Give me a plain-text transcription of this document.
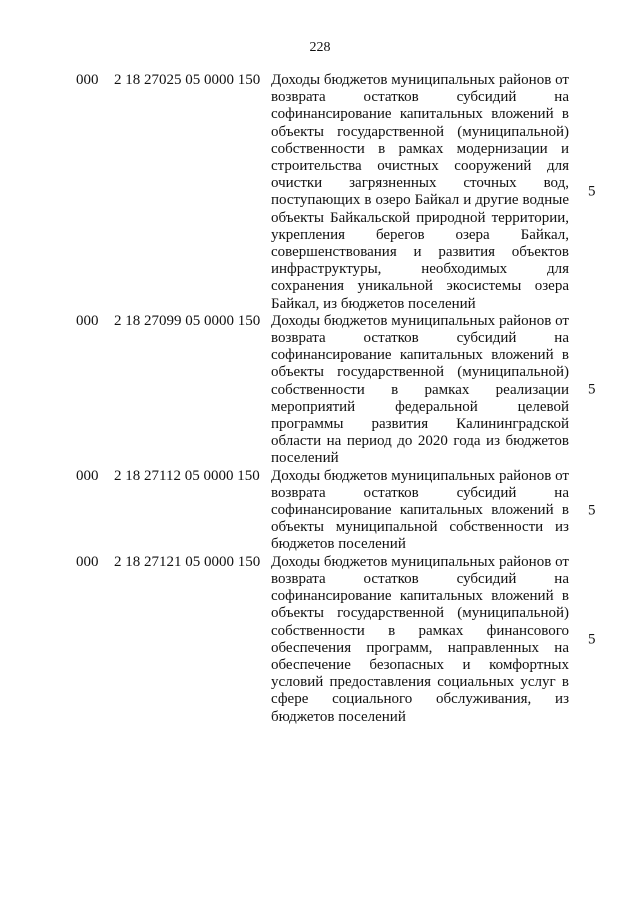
228
000 2 18 27025 05 0000 150 Доходы бюджетов муниципальных районов от возврата остатков субсидий на софинансирование капитальных вложений в объекты государственной (муниципальной) собственности в рамках модернизации и строительства очистных сооружений для очистки загрязненных сточных вод, поступающих в озеро Байкал и другие водные объекты Байкальской природной территории, укрепления берегов озера Байкал, совершенствования и развития объектов инфраструктуры, необходимых для сохранения уникальной экосистемы озера Байкал, из бюджетов поселений
5
000 2 18 27099 05 0000 150 Доходы бюджетов муниципальных районов от возврата остатков субсидий на софинансирование капитальных вложений в объекты государственной (муниципальной) собственности в рамках реализации мероприятий федеральной целевой программы развития Калининградской области на период до 2020 года из бюджетов поселений
5
000 2 18 27112 05 0000 150 Доходы бюджетов муниципальных районов от возврата остатков субсидий на софинансирование капитальных вложений в объекты муниципальной собственности из бюджетов поселений
5
000 2 18 27121 05 0000 150 Доходы бюджетов муниципальных районов от возврата остатков субсидий на софинансирование капитальных вложений в объекты государственной (муниципальной) собственности в рамках финансового обеспечения программ, направленных на обеспечение безопасных и комфортных условий предоставления социальных услуг в сфере социального обслуживания, из бюджетов поселений
5
